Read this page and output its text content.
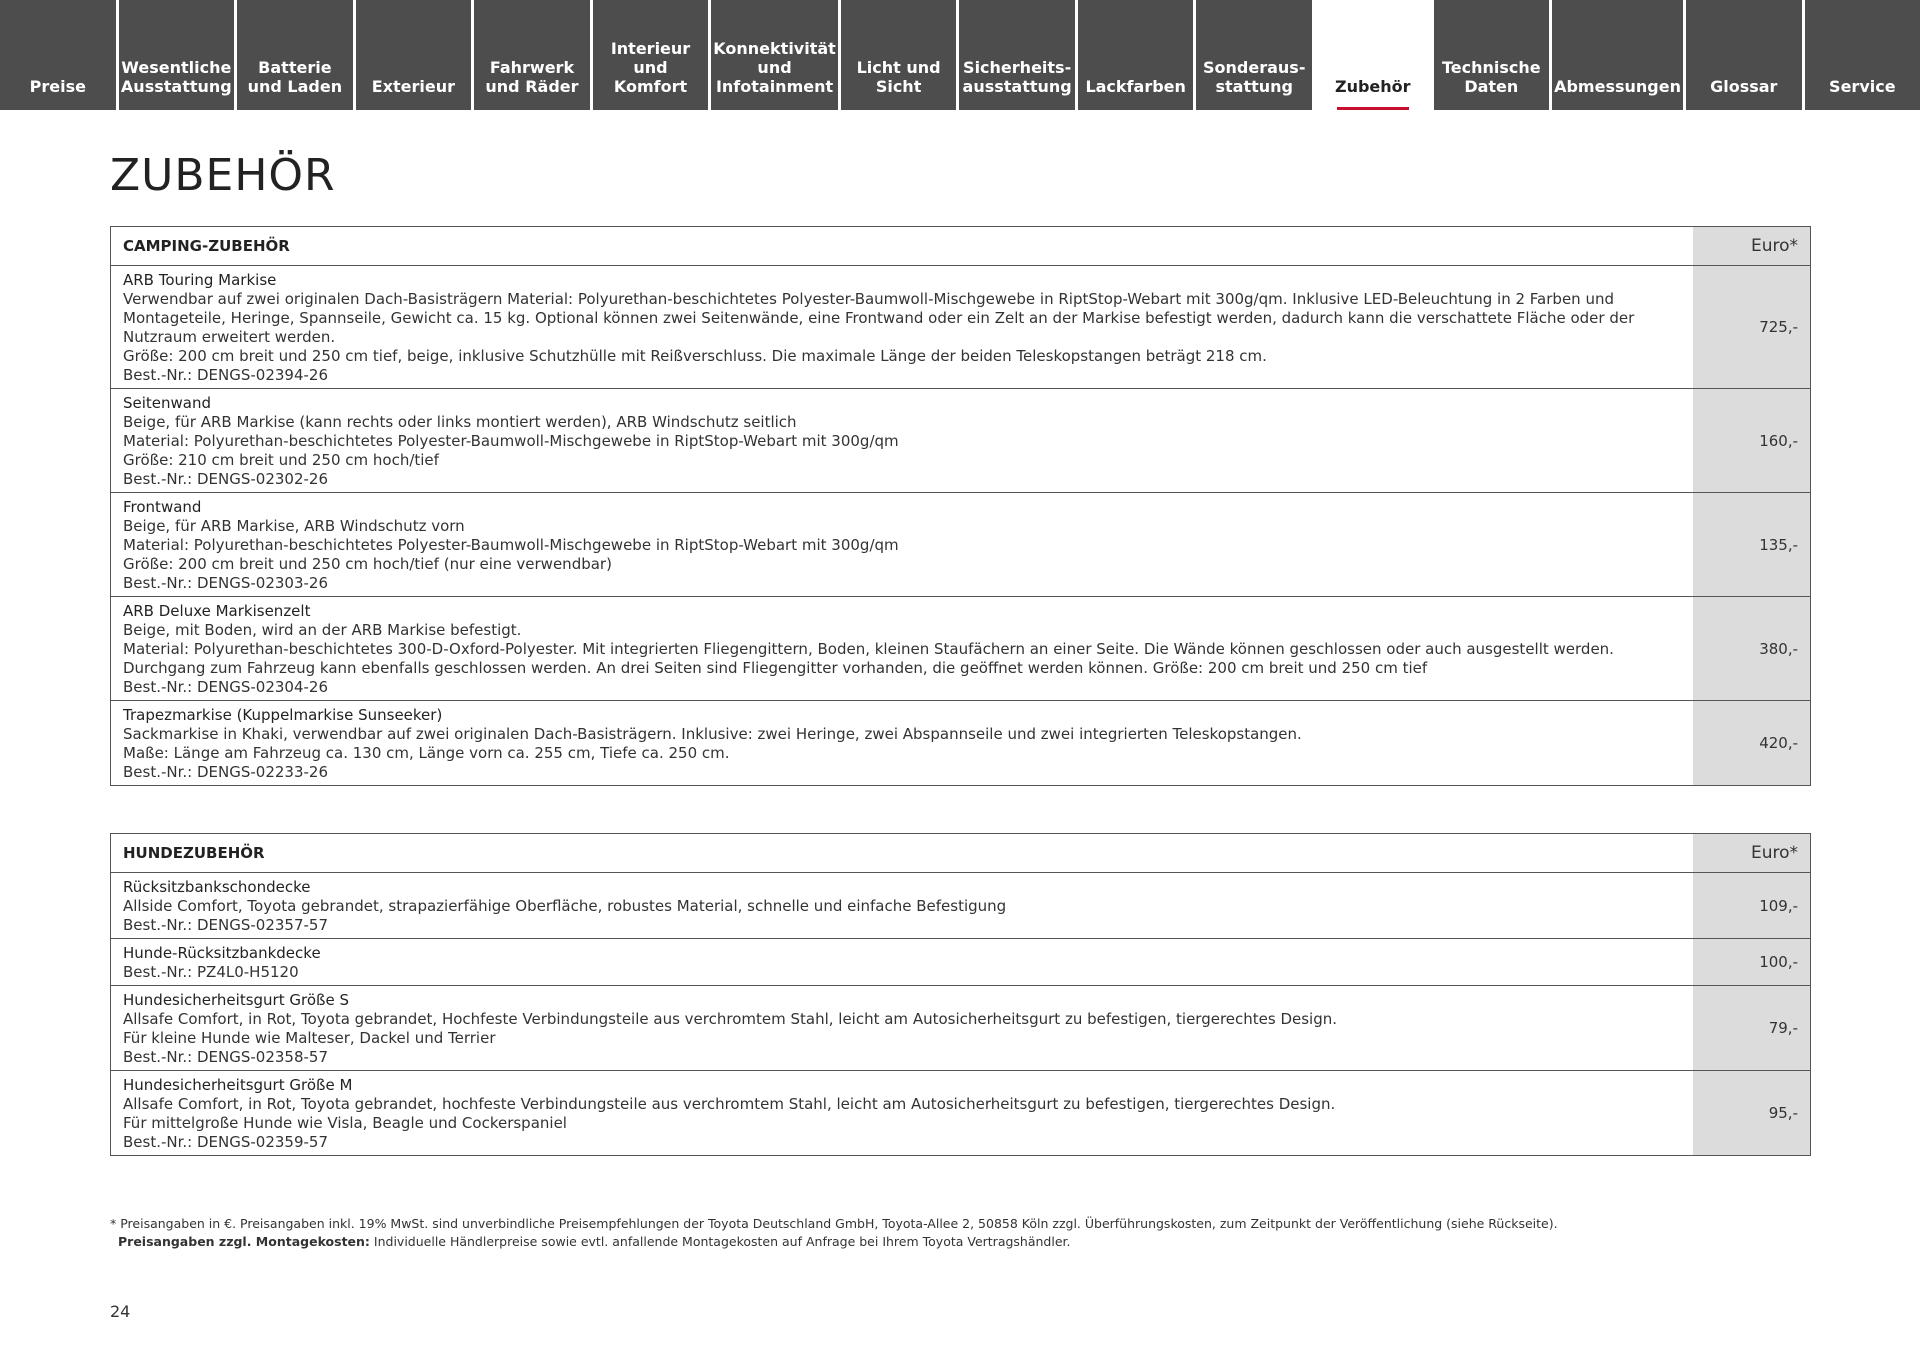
Preise
Wesentliche Ausstattung
Batterie und Laden	Exterieur
Fahrwerk und Räder
Interieur und Komfort
Konnektivität und Infotainment
Licht und Sicht
Sicherheits-ausstattung Lackfarben
Sonderaus-stattung	Zubehör
Technische Daten	Abmessungen Glossar	Service
ZUBEHÖR
CAMPING-ZUBEHÖR	Euro*
ARB Touring Markise
Verwendbar auf zwei originalen Dach-Basisträgern Material: Polyurethan-beschichtetes Polyester-Baumwoll-Mischgewebe in RiptStop-Webart mit 300g/qm. Inklusive LED-Beleuchtung in 2 Farben und
Montageteile, Heringe, Spannseile, Gewicht ca. 15 kg. Optional können zwei Seitenwände, eine Frontwand oder ein Zelt an der Markise befestigt werden, dadurch kann die verschattete Fläche oder der
Nutzraum erweitert werden.
Größe: 200 cm breit und 250 cm tief, beige, inklusive Schutzhülle mit Reißverschluss. Die maximale Länge der beiden Teleskopstangen beträgt 218 cm.
Best.-Nr.: DENGS-02394-26
725,-
Seitenwand
Beige, für ARB Markise (kann rechts oder links montiert werden), ARB Windschutz seitlich
Material: Polyurethan-beschichtetes Polyester-Baumwoll-Mischgewebe in RiptStop-Webart mit 300g/qm
Größe: 210 cm breit und 250 cm hoch/tief
Best.-Nr.: DENGS-02302-26
160,-
Frontwand
Beige, für ARB Markise, ARB Windschutz vorn
Material: Polyurethan-beschichtetes Polyester-Baumwoll-Mischgewebe in RiptStop-Webart mit 300g/qm
Größe: 200 cm breit und 250 cm hoch/tief (nur eine verwendbar)
Best.-Nr.: DENGS-02303-26
135,-
ARB Deluxe Markisenzelt
Beige, mit Boden, wird an der ARB Markise befestigt.
Material: Polyurethan-beschichtetes 300-D-Oxford-Polyester. Mit integrierten Fliegengittern, Boden, kleinen Staufächern an einer Seite. Die Wände können geschlossen oder auch ausgestellt werden.
Durchgang zum Fahrzeug kann ebenfalls geschlossen werden. An drei Seiten sind Fliegengitter vorhanden, die geöffnet werden können. Größe: 200 cm breit und 250 cm tief
Best.-Nr.: DENGS-02304-26
380,-
Trapezmarkise (Kuppelmarkise Sunseeker)
Sackmarkise in Khaki, verwendbar auf zwei originalen Dach-Basisträgern. Inklusive: zwei Heringe, zwei Abspannseile und zwei integrierten Teleskopstangen.
Maße: Länge am Fahrzeug ca. 130 cm, Länge vorn ca. 255 cm, Tiefe ca. 250 cm.
Best.-Nr.: DENGS-02233-26
420,-
HUNDEZUBEHÖR	Euro*
Rücksitzbankschondecke
Allside Comfort, Toyota gebrandet, strapazierfähige Oberfläche, robustes Material, schnelle und einfache Befestigung
Best.-Nr.: DENGS-02357-57
109,-
Hunde-Rücksitzbankdecke
Best.-Nr.: PZ4L0-H5120
100,-
Hundesicherheitsgurt Größe S
Allsafe Comfort, in Rot, Toyota gebrandet, Hochfeste Verbindungsteile aus verchromtem Stahl, leicht am Autosicherheitsgurt zu befestigen, tiergerechtes Design.
Für kleine Hunde wie Malteser, Dackel und Terrier
Best.-Nr.: DENGS-02358-57
79,-
Hundesicherheitsgurt Größe M
Allsafe Comfort, in Rot, Toyota gebrandet, hochfeste Verbindungsteile aus verchromtem Stahl, leicht am Autosicherheitsgurt zu befestigen, tiergerechtes Design.
Für mittelgroße Hunde wie Visla, Beagle und Cockerspaniel
Best.-Nr.: DENGS-02359-57
95,-
* Preisangaben in €. Preisangaben inkl. 19% MwSt. sind unverbindliche Preisempfehlungen der Toyota Deutschland GmbH, Toyota-Allee 2, 50858 Köln zzgl. Überführungskosten, zum Zeitpunkt der Veröffentlichung (siehe Rückseite).
Preisangaben zzgl. Montagekosten: Individuelle Händlerpreise sowie evtl. anfallende Montagekosten auf Anfrage bei Ihrem Toyota Vertragshändler.
24
